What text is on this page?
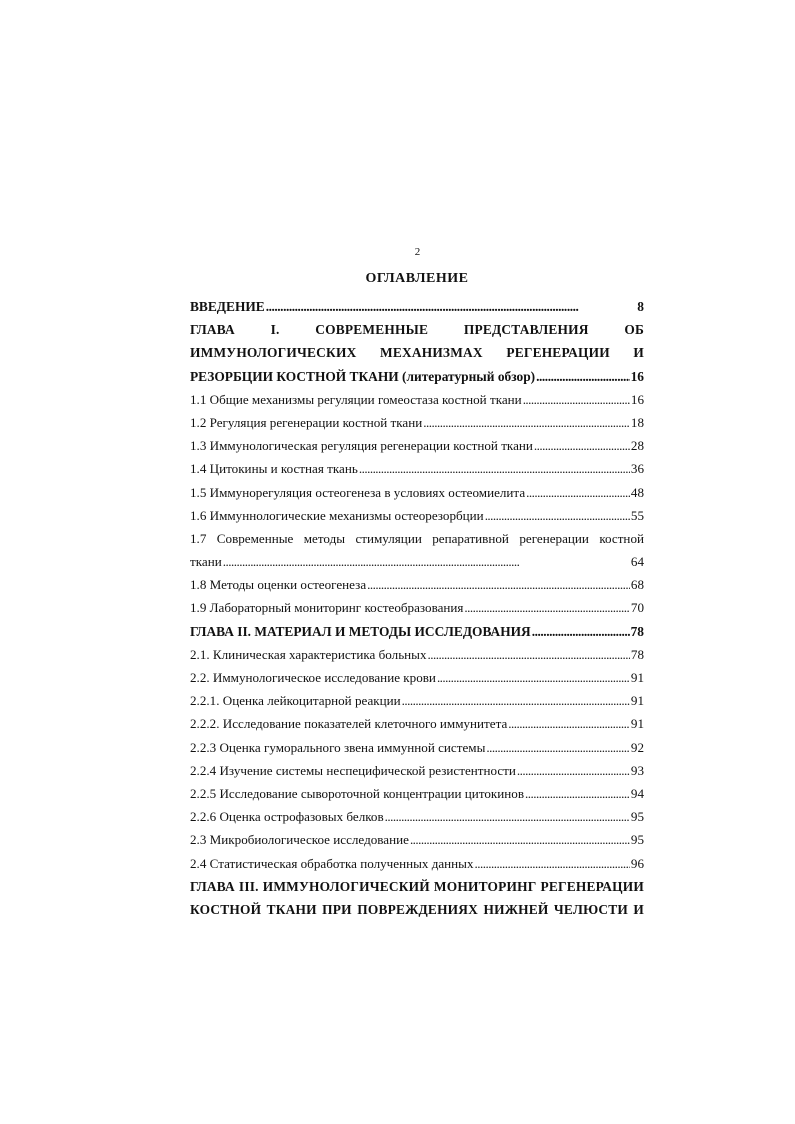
2
ОГЛАВЛЕНИЕ
ВВЕДЕНИЕ . . .	8
ГЛАВА I. СОВРЕМЕННЫЕ ПРЕДСТАВЛЕНИЯ ОБ
ИММУНОЛОГИЧЕСКИХ МЕХАНИЗМАХ РЕГЕНЕРАЦИИ И
РЕЗОРБЦИИ КОСТНОЙ ТКАНИ (литературный обзор) . . .	16
1.1 Общие механизмы регуляции гомеостаза костной ткани . . .	16
1.2 Регуляция регенерации костной ткани . . .	18
1.3 Иммунологическая регуляция регенерации костной ткани . . .	28
1.4 Цитокины и костная ткань . . .	36
1.5 Иммунорегуляция остеогенеза в условиях остеомиелита . . .	48
1.6 Иммуннологические механизмы остеорезорбции . . .	55
1.7 Современные методы стимуляции репаративной регенерации костной
ткани . . .	64
1.8 Методы оценки остеогенеза . . .	68
1.9 Лабораторный мониторинг костеобразования . . .	70
ГЛАВА II. МАТЕРИАЛ И МЕТОДЫ ИССЛЕДОВАНИЯ . . .	78
2.1. Клиническая характеристика больных . . .	78
2.2. Иммунологическое исследование крови . . .	91
2.2.1. Оценка лейкоцитарной реакции . . .	91
2.2.2. Исследование показателей клеточного иммунитета . . .	91
2.2.3 Оценка гуморального звена иммунной системы . . .	92
2.2.4 Изучение системы неспецифической резистентности . . .	93
2.2.5 Исследование сывороточной концентрации цитокинов . . .	94
2.2.6 Оценка острофазовых белков . . .	95
2.3 Микробиологическое исследование . . .	95
2.4 Статистическая обработка полученных данных . . .	96
ГЛАВА III. ИММУНОЛОГИЧЕСКИЙ МОНИТОРИНГ РЕГЕНЕРАЦИИ
КОСТНОЙ ТКАНИ ПРИ ПОВРЕЖДЕНИЯХ НИЖНЕЙ ЧЕЛЮСТИ И
